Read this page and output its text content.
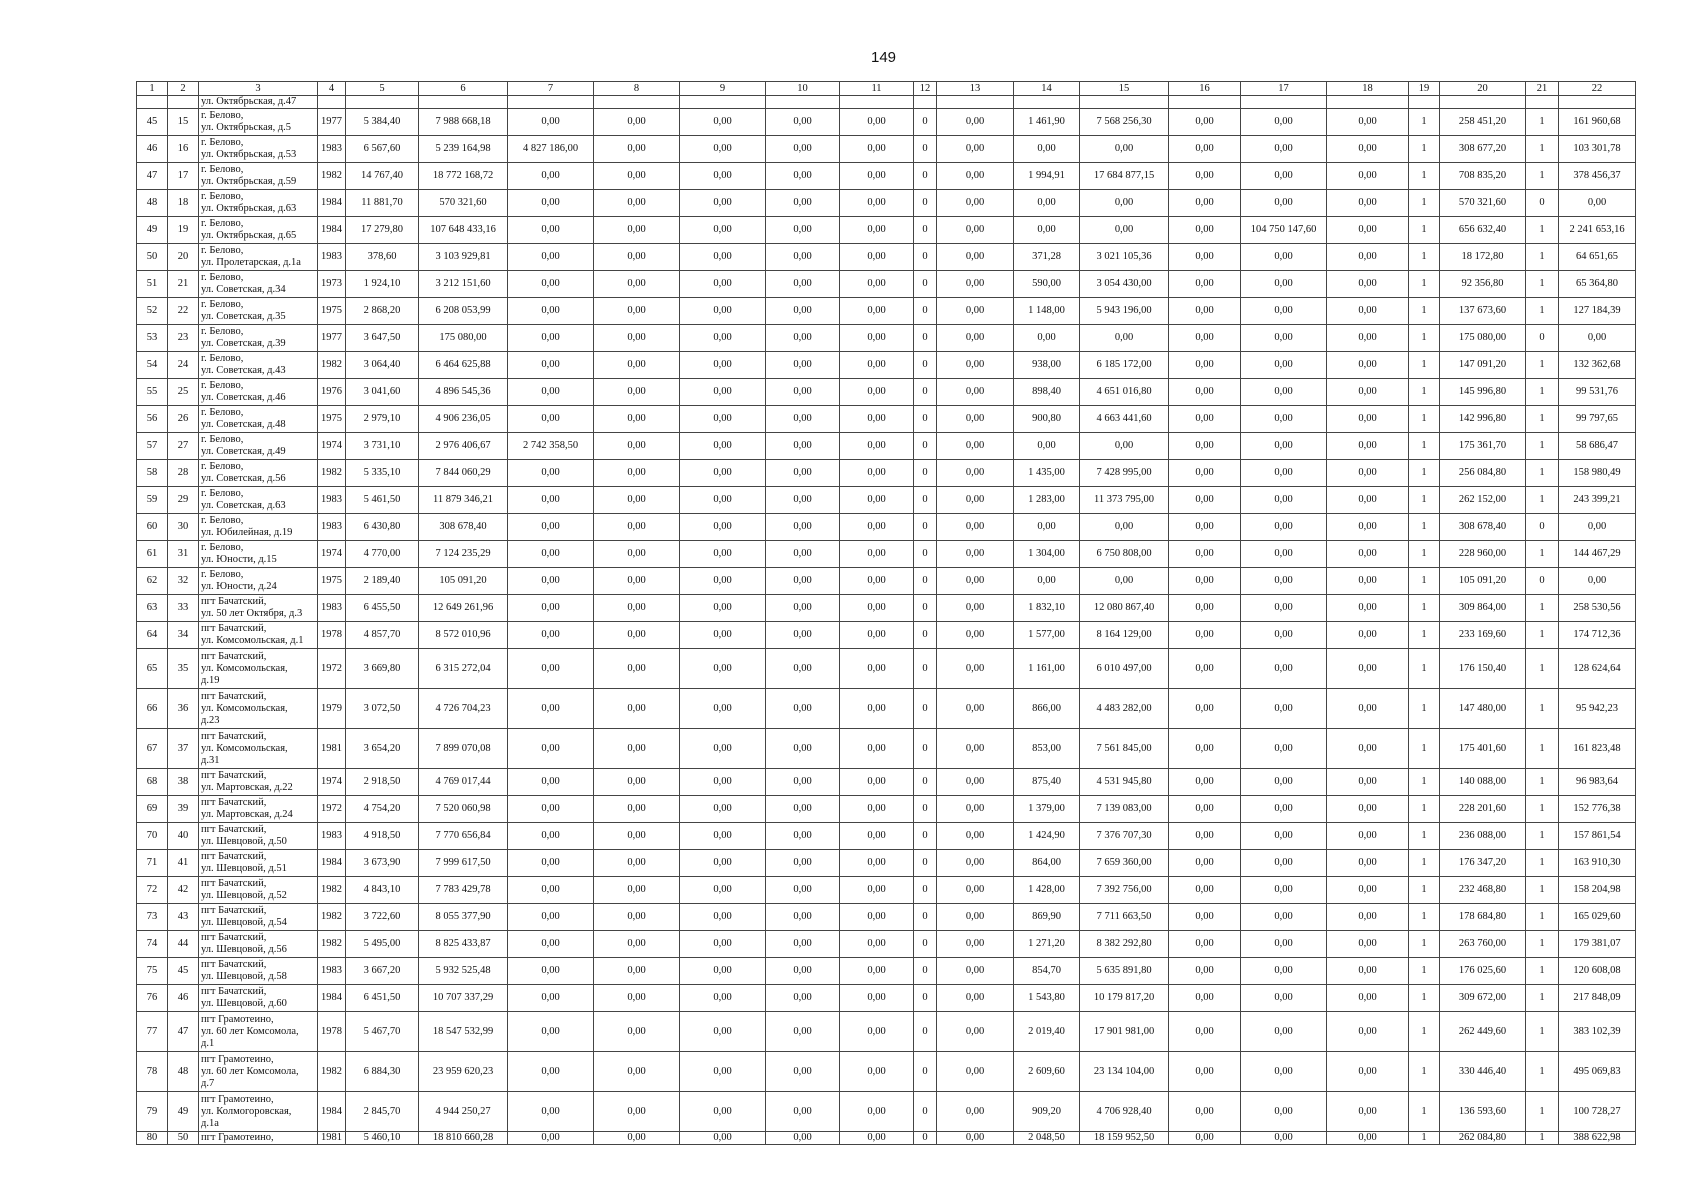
149
1	2	3	4	5	6	7	8	9	10	11	12	13	14	15	16	17	18	19	20	21	22
		ул. Октябрьская, д.47																			
45	15	г. Белово,
ул. Октябрьская, д.5	1977	5 384,40	7 988 668,18	0,00	0,00	0,00	0,00	0,00	0	0,00	1 461,90	7 568 256,30	0,00	0,00	0,00	1	258 451,20	1	161 960,68
46	16	г. Белово,
ул. Октябрьская, д.53	1983	6 567,60	5 239 164,98	4 827 186,00	0,00	0,00	0,00	0,00	0	0,00	0,00	0,00	0,00	0,00	0,00	1	308 677,20	1	103 301,78
47	17	г. Белово,
ул. Октябрьская, д.59	1982	14 767,40	18 772 168,72	0,00	0,00	0,00	0,00	0,00	0	0,00	1 994,91	17 684 877,15	0,00	0,00	0,00	1	708 835,20	1	378 456,37
48	18	г. Белово,
ул. Октябрьская, д.63	1984	11 881,70	570 321,60	0,00	0,00	0,00	0,00	0,00	0	0,00	0,00	0,00	0,00	0,00	0,00	1	570 321,60	0	0,00
49	19	г. Белово,
ул. Октябрьская, д.65	1984	17 279,80	107 648 433,16	0,00	0,00	0,00	0,00	0,00	0	0,00	0,00	0,00	0,00	104 750 147,60	0,00	1	656 632,40	1	2 241 653,16
50	20	г. Белово,
ул. Пролетарская, д.1а	1983	378,60	3 103 929,81	0,00	0,00	0,00	0,00	0,00	0	0,00	371,28	3 021 105,36	0,00	0,00	0,00	1	18 172,80	1	64 651,65
51	21	г. Белово,
ул. Советская, д.34	1973	1 924,10	3 212 151,60	0,00	0,00	0,00	0,00	0,00	0	0,00	590,00	3 054 430,00	0,00	0,00	0,00	1	92 356,80	1	65 364,80
52	22	г. Белово,
ул. Советская, д.35	1975	2 868,20	6 208 053,99	0,00	0,00	0,00	0,00	0,00	0	0,00	1 148,00	5 943 196,00	0,00	0,00	0,00	1	137 673,60	1	127 184,39
53	23	г. Белово,
ул. Советская, д.39	1977	3 647,50	175 080,00	0,00	0,00	0,00	0,00	0,00	0	0,00	0,00	0,00	0,00	0,00	0,00	1	175 080,00	0	0,00
54	24	г. Белово,
ул. Советская, д.43	1982	3 064,40	6 464 625,88	0,00	0,00	0,00	0,00	0,00	0	0,00	938,00	6 185 172,00	0,00	0,00	0,00	1	147 091,20	1	132 362,68
55	25	г. Белово,
ул. Советская, д.46	1976	3 041,60	4 896 545,36	0,00	0,00	0,00	0,00	0,00	0	0,00	898,40	4 651 016,80	0,00	0,00	0,00	1	145 996,80	1	99 531,76
56	26	г. Белово,
ул. Советская, д.48	1975	2 979,10	4 906 236,05	0,00	0,00	0,00	0,00	0,00	0	0,00	900,80	4 663 441,60	0,00	0,00	0,00	1	142 996,80	1	99 797,65
57	27	г. Белово,
ул. Советская, д.49	1974	3 731,10	2 976 406,67	2 742 358,50	0,00	0,00	0,00	0,00	0	0,00	0,00	0,00	0,00	0,00	0,00	1	175 361,70	1	58 686,47
58	28	г. Белово,
ул. Советская, д.56	1982	5 335,10	7 844 060,29	0,00	0,00	0,00	0,00	0,00	0	0,00	1 435,00	7 428 995,00	0,00	0,00	0,00	1	256 084,80	1	158 980,49
59	29	г. Белово,
ул. Советская, д.63	1983	5 461,50	11 879 346,21	0,00	0,00	0,00	0,00	0,00	0	0,00	1 283,00	11 373 795,00	0,00	0,00	0,00	1	262 152,00	1	243 399,21
60	30	г. Белово,
ул. Юбилейная, д.19	1983	6 430,80	308 678,40	0,00	0,00	0,00	0,00	0,00	0	0,00	0,00	0,00	0,00	0,00	0,00	1	308 678,40	0	0,00
61	31	г. Белово,
ул. Юности, д.15	1974	4 770,00	7 124 235,29	0,00	0,00	0,00	0,00	0,00	0	0,00	1 304,00	6 750 808,00	0,00	0,00	0,00	1	228 960,00	1	144 467,29
62	32	г. Белово,
ул. Юности, д.24	1975	2 189,40	105 091,20	0,00	0,00	0,00	0,00	0,00	0	0,00	0,00	0,00	0,00	0,00	0,00	1	105 091,20	0	0,00
63	33	пгт Бачатский,
ул. 50 лет Октября, д.3	1983	6 455,50	12 649 261,96	0,00	0,00	0,00	0,00	0,00	0	0,00	1 832,10	12 080 867,40	0,00	0,00	0,00	1	309 864,00	1	258 530,56
64	34	пгт Бачатский,
ул. Комсомольская, д.1	1978	4 857,70	8 572 010,96	0,00	0,00	0,00	0,00	0,00	0	0,00	1 577,00	8 164 129,00	0,00	0,00	0,00	1	233 169,60	1	174 712,36
65	35	пгт Бачатский,
ул. Комсомольская,
д.19	1972	3 669,80	6 315 272,04	0,00	0,00	0,00	0,00	0,00	0	0,00	1 161,00	6 010 497,00	0,00	0,00	0,00	1	176 150,40	1	128 624,64
66	36	пгт Бачатский,
ул. Комсомольская,
д.23	1979	3 072,50	4 726 704,23	0,00	0,00	0,00	0,00	0,00	0	0,00	866,00	4 483 282,00	0,00	0,00	0,00	1	147 480,00	1	95 942,23
67	37	пгт Бачатский,
ул. Комсомольская,
д.31	1981	3 654,20	7 899 070,08	0,00	0,00	0,00	0,00	0,00	0	0,00	853,00	7 561 845,00	0,00	0,00	0,00	1	175 401,60	1	161 823,48
68	38	пгт Бачатский,
ул. Мартовская, д.22	1974	2 918,50	4 769 017,44	0,00	0,00	0,00	0,00	0,00	0	0,00	875,40	4 531 945,80	0,00	0,00	0,00	1	140 088,00	1	96 983,64
69	39	пгт Бачатский,
ул. Мартовская, д.24	1972	4 754,20	7 520 060,98	0,00	0,00	0,00	0,00	0,00	0	0,00	1 379,00	7 139 083,00	0,00	0,00	0,00	1	228 201,60	1	152 776,38
70	40	пгт Бачатский,
ул. Шевцовой, д.50	1983	4 918,50	7 770 656,84	0,00	0,00	0,00	0,00	0,00	0	0,00	1 424,90	7 376 707,30	0,00	0,00	0,00	1	236 088,00	1	157 861,54
71	41	пгт Бачатский,
ул. Шевцовой, д.51	1984	3 673,90	7 999 617,50	0,00	0,00	0,00	0,00	0,00	0	0,00	864,00	7 659 360,00	0,00	0,00	0,00	1	176 347,20	1	163 910,30
72	42	пгт Бачатский,
ул. Шевцовой, д.52	1982	4 843,10	7 783 429,78	0,00	0,00	0,00	0,00	0,00	0	0,00	1 428,00	7 392 756,00	0,00	0,00	0,00	1	232 468,80	1	158 204,98
73	43	пгт Бачатский,
ул. Шевцовой, д.54	1982	3 722,60	8 055 377,90	0,00	0,00	0,00	0,00	0,00	0	0,00	869,90	7 711 663,50	0,00	0,00	0,00	1	178 684,80	1	165 029,60
74	44	пгт Бачатский,
ул. Шевцовой, д.56	1982	5 495,00	8 825 433,87	0,00	0,00	0,00	0,00	0,00	0	0,00	1 271,20	8 382 292,80	0,00	0,00	0,00	1	263 760,00	1	179 381,07
75	45	пгт Бачатский,
ул. Шевцовой, д.58	1983	3 667,20	5 932 525,48	0,00	0,00	0,00	0,00	0,00	0	0,00	854,70	5 635 891,80	0,00	0,00	0,00	1	176 025,60	1	120 608,08
76	46	пгт Бачатский,
ул. Шевцовой, д.60	1984	6 451,50	10 707 337,29	0,00	0,00	0,00	0,00	0,00	0	0,00	1 543,80	10 179 817,20	0,00	0,00	0,00	1	309 672,00	1	217 848,09
77	47	пгт Грамотеино,
ул. 60 лет Комсомола,
д.1	1978	5 467,70	18 547 532,99	0,00	0,00	0,00	0,00	0,00	0	0,00	2 019,40	17 901 981,00	0,00	0,00	0,00	1	262 449,60	1	383 102,39
78	48	пгт Грамотеино,
ул. 60 лет Комсомола,
д.7	1982	6 884,30	23 959 620,23	0,00	0,00	0,00	0,00	0,00	0	0,00	2 609,60	23 134 104,00	0,00	0,00	0,00	1	330 446,40	1	495 069,83
79	49	пгт Грамотеино,
ул. Колмогоровская,
д.1а	1984	2 845,70	4 944 250,27	0,00	0,00	0,00	0,00	0,00	0	0,00	909,20	4 706 928,40	0,00	0,00	0,00	1	136 593,60	1	100 728,27
80	50	пгт Грамотеино,	1981	5 460,10	18 810 660,28	0,00	0,00	0,00	0,00	0,00	0	0,00	2 048,50	18 159 952,50	0,00	0,00	0,00	1	262 084,80	1	388 622,98
